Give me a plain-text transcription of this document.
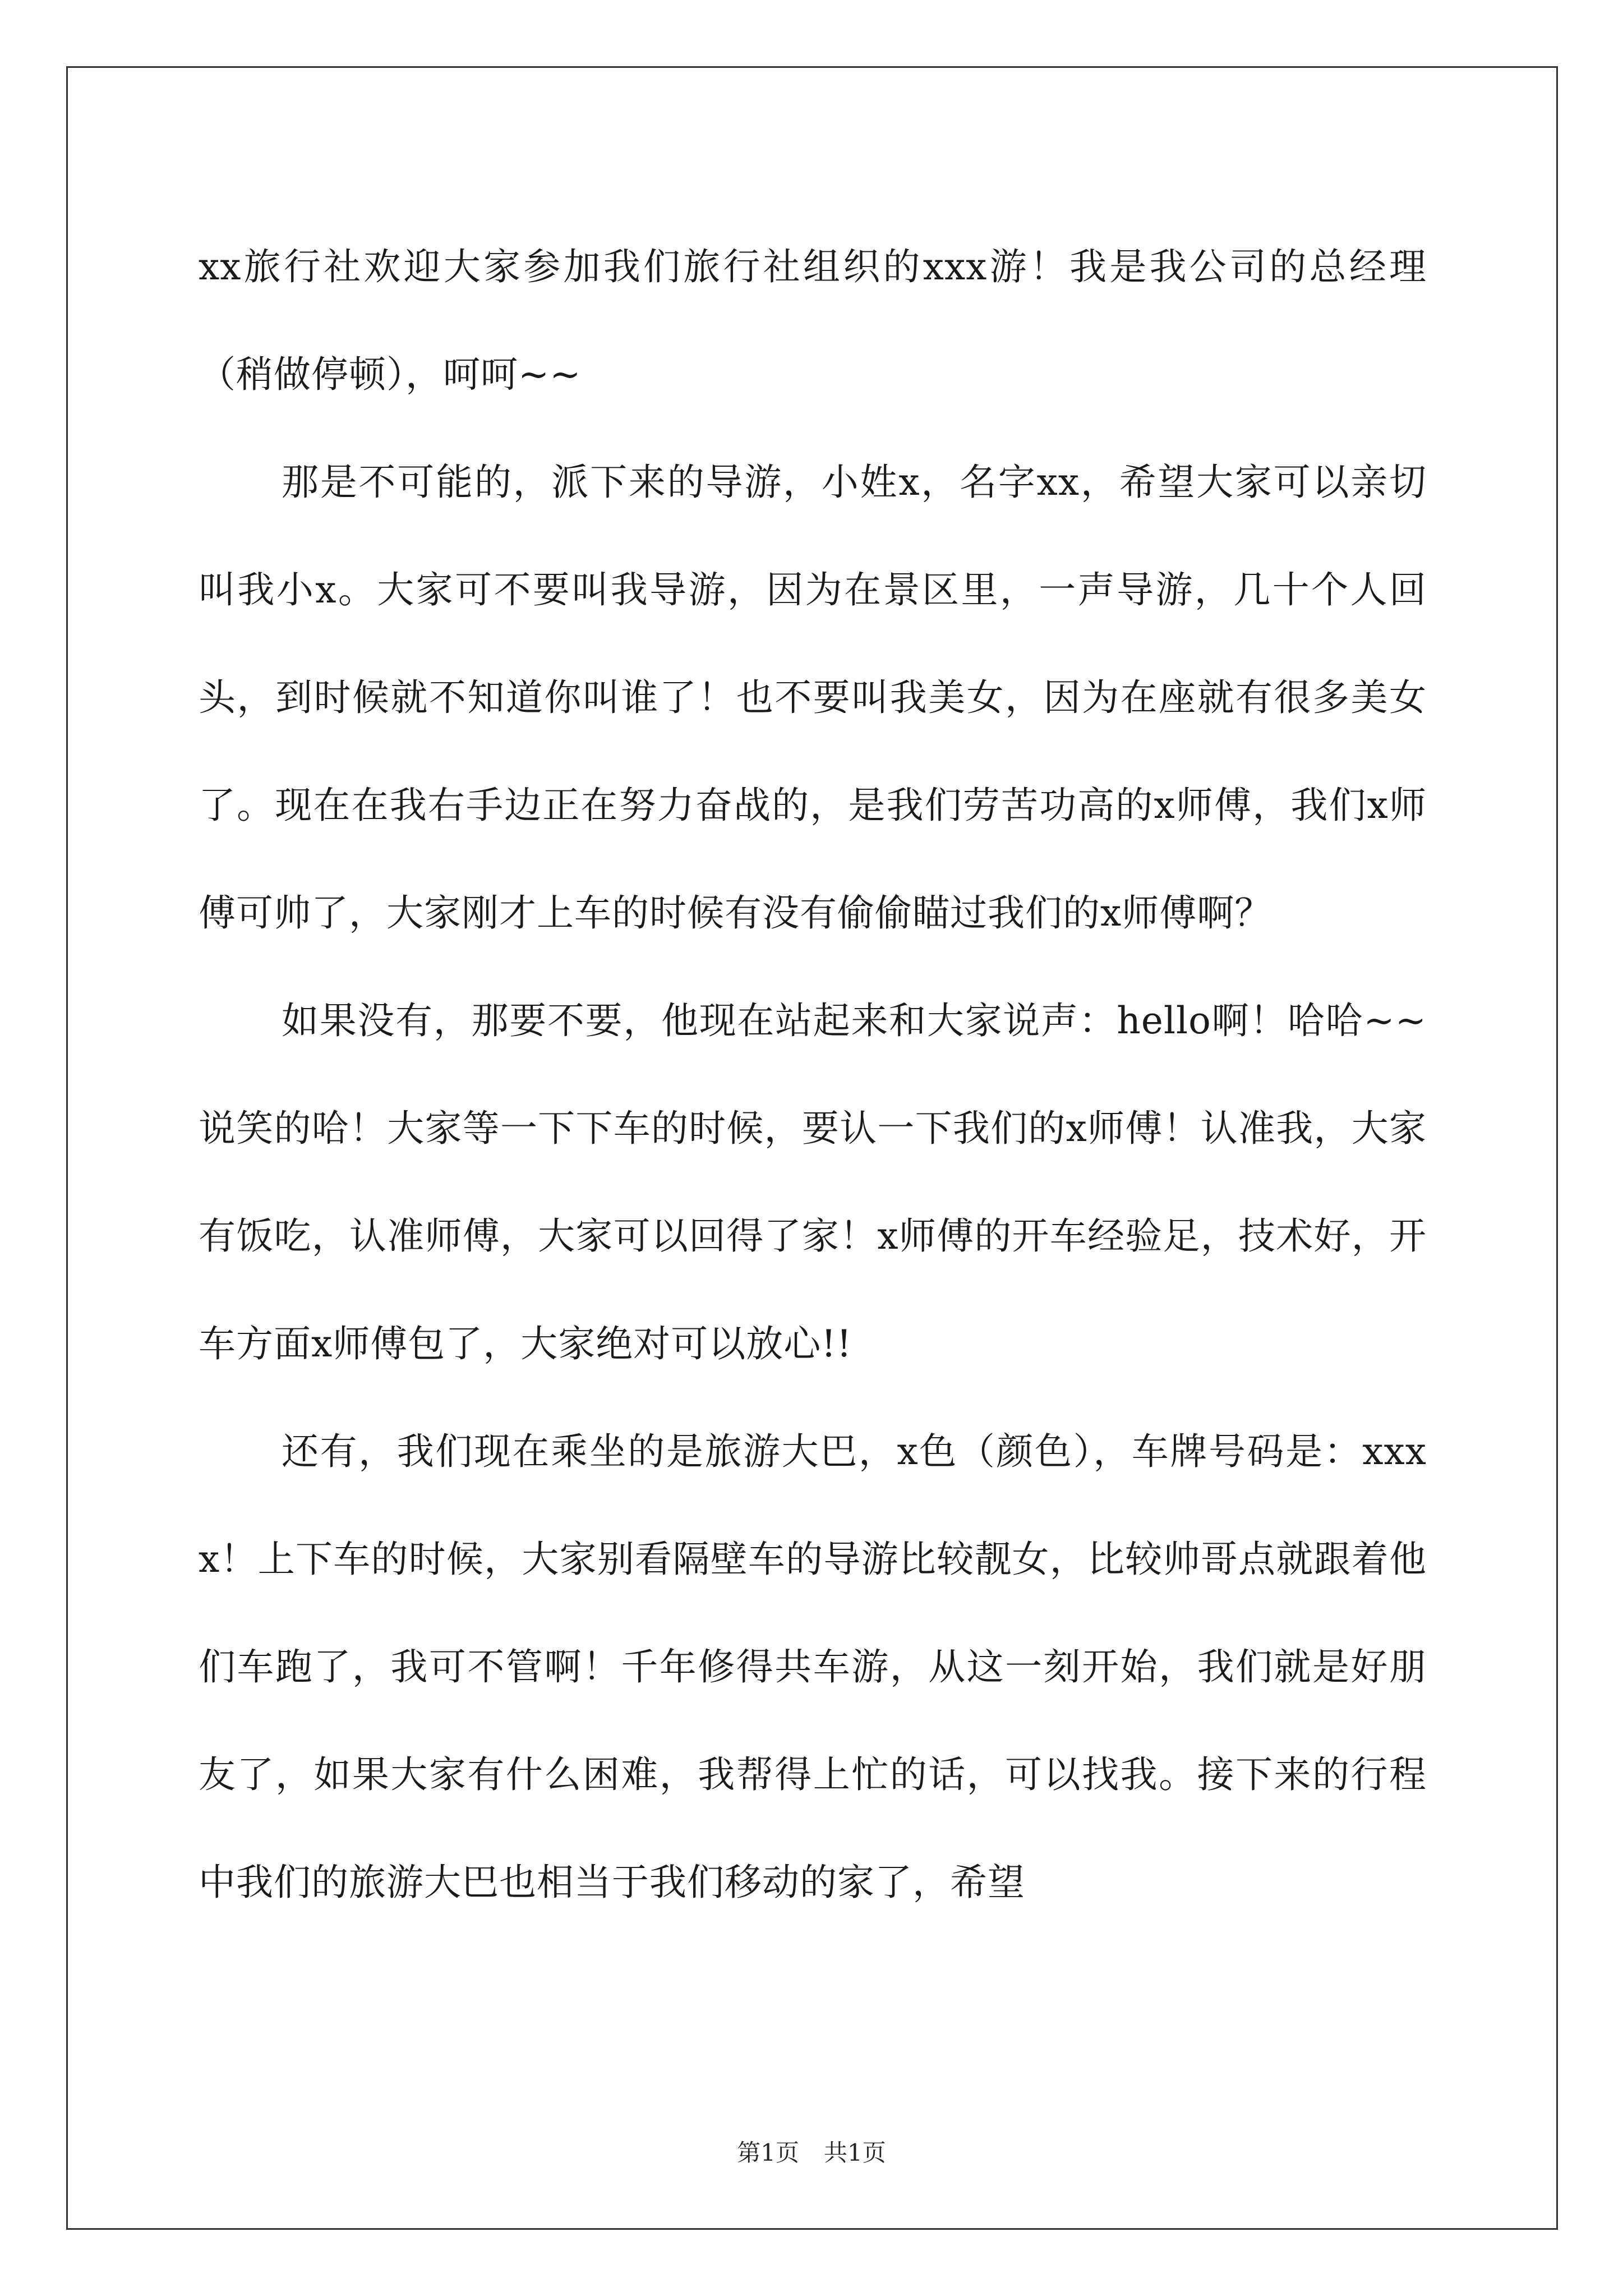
xx旅行社欢迎大家参加我们旅行社组织的xxx游！我是我公司的总经理（稍做停顿），呵呵~~

那是不可能的，派下来的导游，小姓x，名字xx，希望大家可以亲切叫我小x。大家可不要叫我导游，因为在景区里，一声导游，几十个人回头，到时候就不知道你叫谁了！也不要叫我美女，因为在座就有很多美女了。现在在我右手边正在努力奋战的，是我们劳苦功高的x师傅，我们x师傅可帅了，大家刚才上车的时候有没有偷偷瞄过我们的x师傅啊？

如果没有，那要不要，他现在站起来和大家说声：hello啊！哈哈~~说笑的哈！大家等一下下车的时候，要认一下我们的x师傅！认准我，大家有饭吃，认准师傅，大家可以回得了家！x师傅的开车经验足，技术好，开车方面x师傅包了，大家绝对可以放心!!

还有，我们现在乘坐的是旅游大巴，x色（颜色），车牌号码是：xxxx！上下车的时候，大家别看隔壁车的导游比较靓女，比较帅哥点就跟着他们车跑了，我可不管啊！千年修得共车游，从这一刻开始，我们就是好朋友了，如果大家有什么困难，我帮得上忙的话，可以找我。接下来的行程中我们的旅游大巴也相当于我们移动的家了，希望

第1页 共1页
